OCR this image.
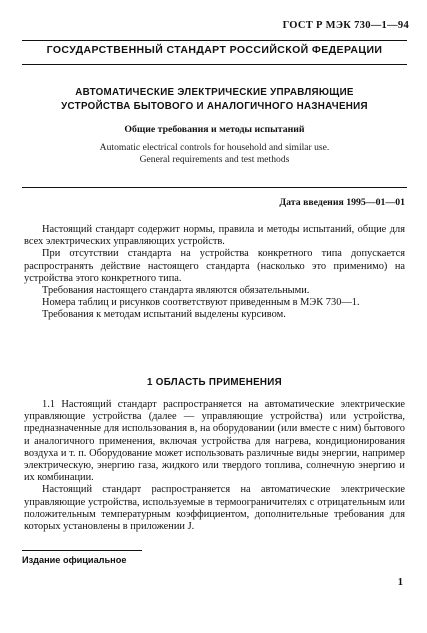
ГОСТ Р МЭК 730—1—94
ГОСУДАРСТВЕННЫЙ СТАНДАРТ РОССИЙСКОЙ ФЕДЕРАЦИИ
АВТОМАТИЧЕСКИЕ ЭЛЕКТРИЧЕСКИЕ УПРАВЛЯЮЩИЕ
УСТРОЙСТВА БЫТОВОГО И АНАЛОГИЧНОГО НАЗНАЧЕНИЯ
Общие требования и методы испытаний
Automatic electrical controls for household and similar use.
General requirements and test methods
Дата введения 1995—01—01

Настоящий стандарт содержит нормы, правила и методы испытаний, общие для всех электрических управляющих устройств.

При отсутствии стандарта на устройства конкретного типа допускается распространять действие настоящего стандарта (насколько это применимо) на устройства этого конкретного типа.

Требования настоящего стандарта являются обязательными.

Номера таблиц и рисунков соответствуют приведенным в МЭК 730—1.

Требования к методам испытаний выделены курсивом.

1 ОБЛАСТЬ ПРИМЕНЕНИЯ

1.1 Настоящий стандарт распространяется на автоматические электрические управляющие устройства (далее — управляющие устройства) или устройства, предназначенные для использования в, на оборудовании (или вместе с ним) бытового и аналогичного применения, включая устройства для нагрева, кондиционирования воздуха и т. п. Оборудование может использовать различные виды энергии, например электрическую, энергию газа, жидкого или твердого топлива, солнечную энергию и их комбинации.

Настоящий стандарт распространяется на автоматические электрические управляющие устройства, используемые в термоограничителях с отрицательным или положительным температурным коэффициентом, дополнительные требования для которых установлены в приложении J.

Издание официальное
1
